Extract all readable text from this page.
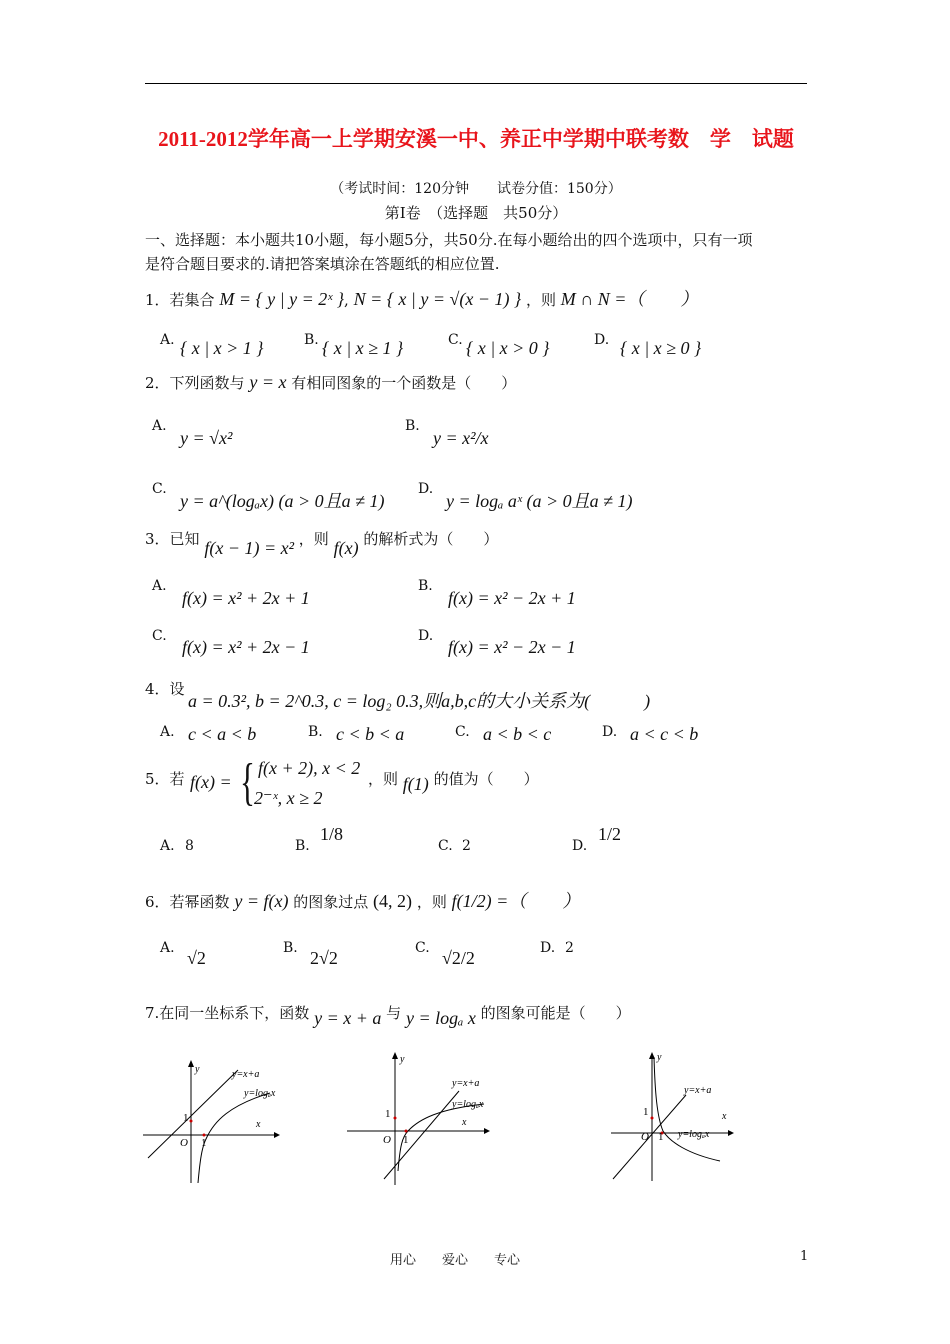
2011-2012学年高一上学期安溪一中、养正中学期中联考数　学　试题
（考试时间：120分钟　　试卷分值：150分）
第Ⅰ卷　（选择题　共50分）
一、选择题：本小题共10小题，每小题5分，共50分.在每小题给出的四个选项中，只有一项
是符合题目要求的.请把答案填涂在答题纸的相应位置.
1．若集合 M = { y | y = 2ˣ }, N = { x | y = √(x − 1) } ，则 M ∩ N =（　　）
A. { x | x > 1 }	B. { x | x ≥ 1 }	C. { x | x > 0 }	D. { x | x ≥ 0 }
2．下列函数与 y = x 有相同图象的一个函数是（　　）
A.
y = √x²
B.
y = x²/x
C.
y = a^(logₐx) (a > 0且a ≠ 1)
D.
y = logₐ aˣ (a > 0且a ≠ 1)
3．已知 f(x − 1) = x² ，则 f(x) 的解析式为（　　）
A.
f(x) = x² + 2x + 1
B.
f(x) = x² − 2x + 1
C.
f(x) = x² + 2x − 1
D.
f(x) = x² − 2x − 1
4．设
a = 0.3², b = 2^0.3, c = log₂ 0.3,则a,b,c的大小关系为(　　　)
A. c < a < b	B. c < b < a	C. a < b < c	D. a < c < b
5．若 f(x) = { f(x + 2), x < 2
2⁻ˣ, x ≥ 2
，则 f(1) 的值为（　　）
A. 8	B.
1/8
C. 2	D.
1/2
6．若幂函数 y = f(x) 的图象过点 (4, 2) ，则 f(1/2) =（　　）
A. √2	B. 2√2	C. √2/2	D. 2
7.在同一坐标系下，函数 y = x + a 与 y = logₐ x 的图象可能是（　　）
y
x
O
1
1
y=x+a
y=logₐx
y
x
O
1
1
y=x+a
y=logₐx
y
x
O
1
1
y=x+a
y=logₐx
用心　　爱心　　专心	1
